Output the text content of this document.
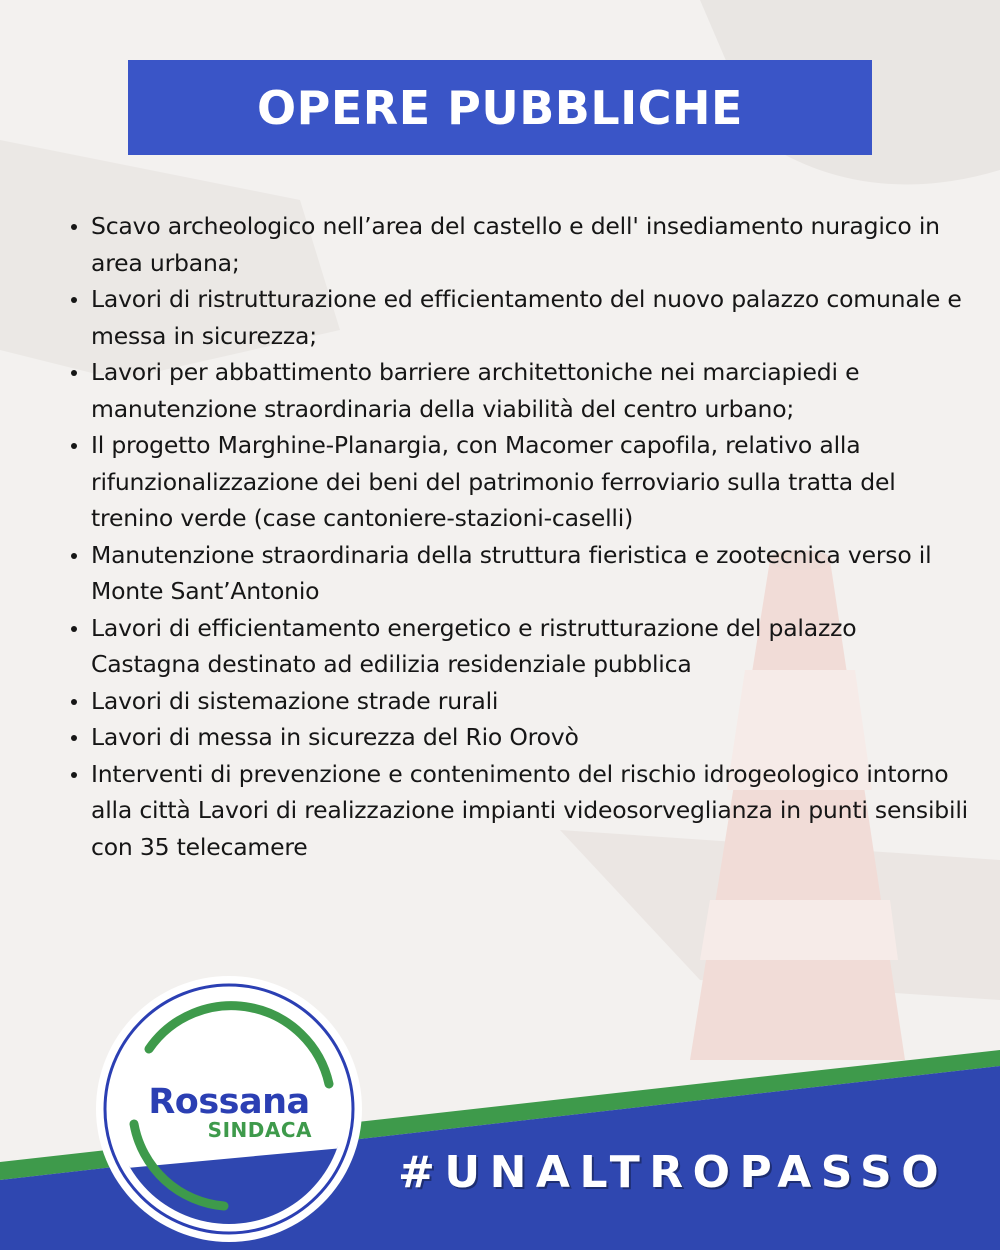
OPERE PUBBLICHE
Scavo archeologico nell’area del castello e dell' insediamento nuragico in area urbana;
Lavori di ristrutturazione ed efficientamento del nuovo palazzo comunale e messa in sicurezza;
Lavori per abbattimento barriere architettoniche nei marciapiedi e manutenzione straordinaria della viabilità del centro urbano;
Il progetto Marghine-Planargia, con Macomer capofila, relativo alla rifunzionalizzazione dei beni del patrimonio ferroviario sulla tratta del trenino verde (case cantoniere-stazioni-caselli)
Manutenzione straordinaria della struttura fieristica e zootecnica verso il Monte Sant’Antonio
Lavori di efficientamento energetico e ristrutturazione del palazzo Castagna destinato ad edilizia residenziale pubblica
Lavori di sistemazione strade rurali
Lavori di messa in sicurezza del Rio Orovò
Interventi di prevenzione e contenimento del rischio idrogeologico intorno alla città Lavori di realizzazione impianti videosorveglianza in punti sensibili con 35 telecamere
#UNALTROPASSO
Rossana
SINDACA
